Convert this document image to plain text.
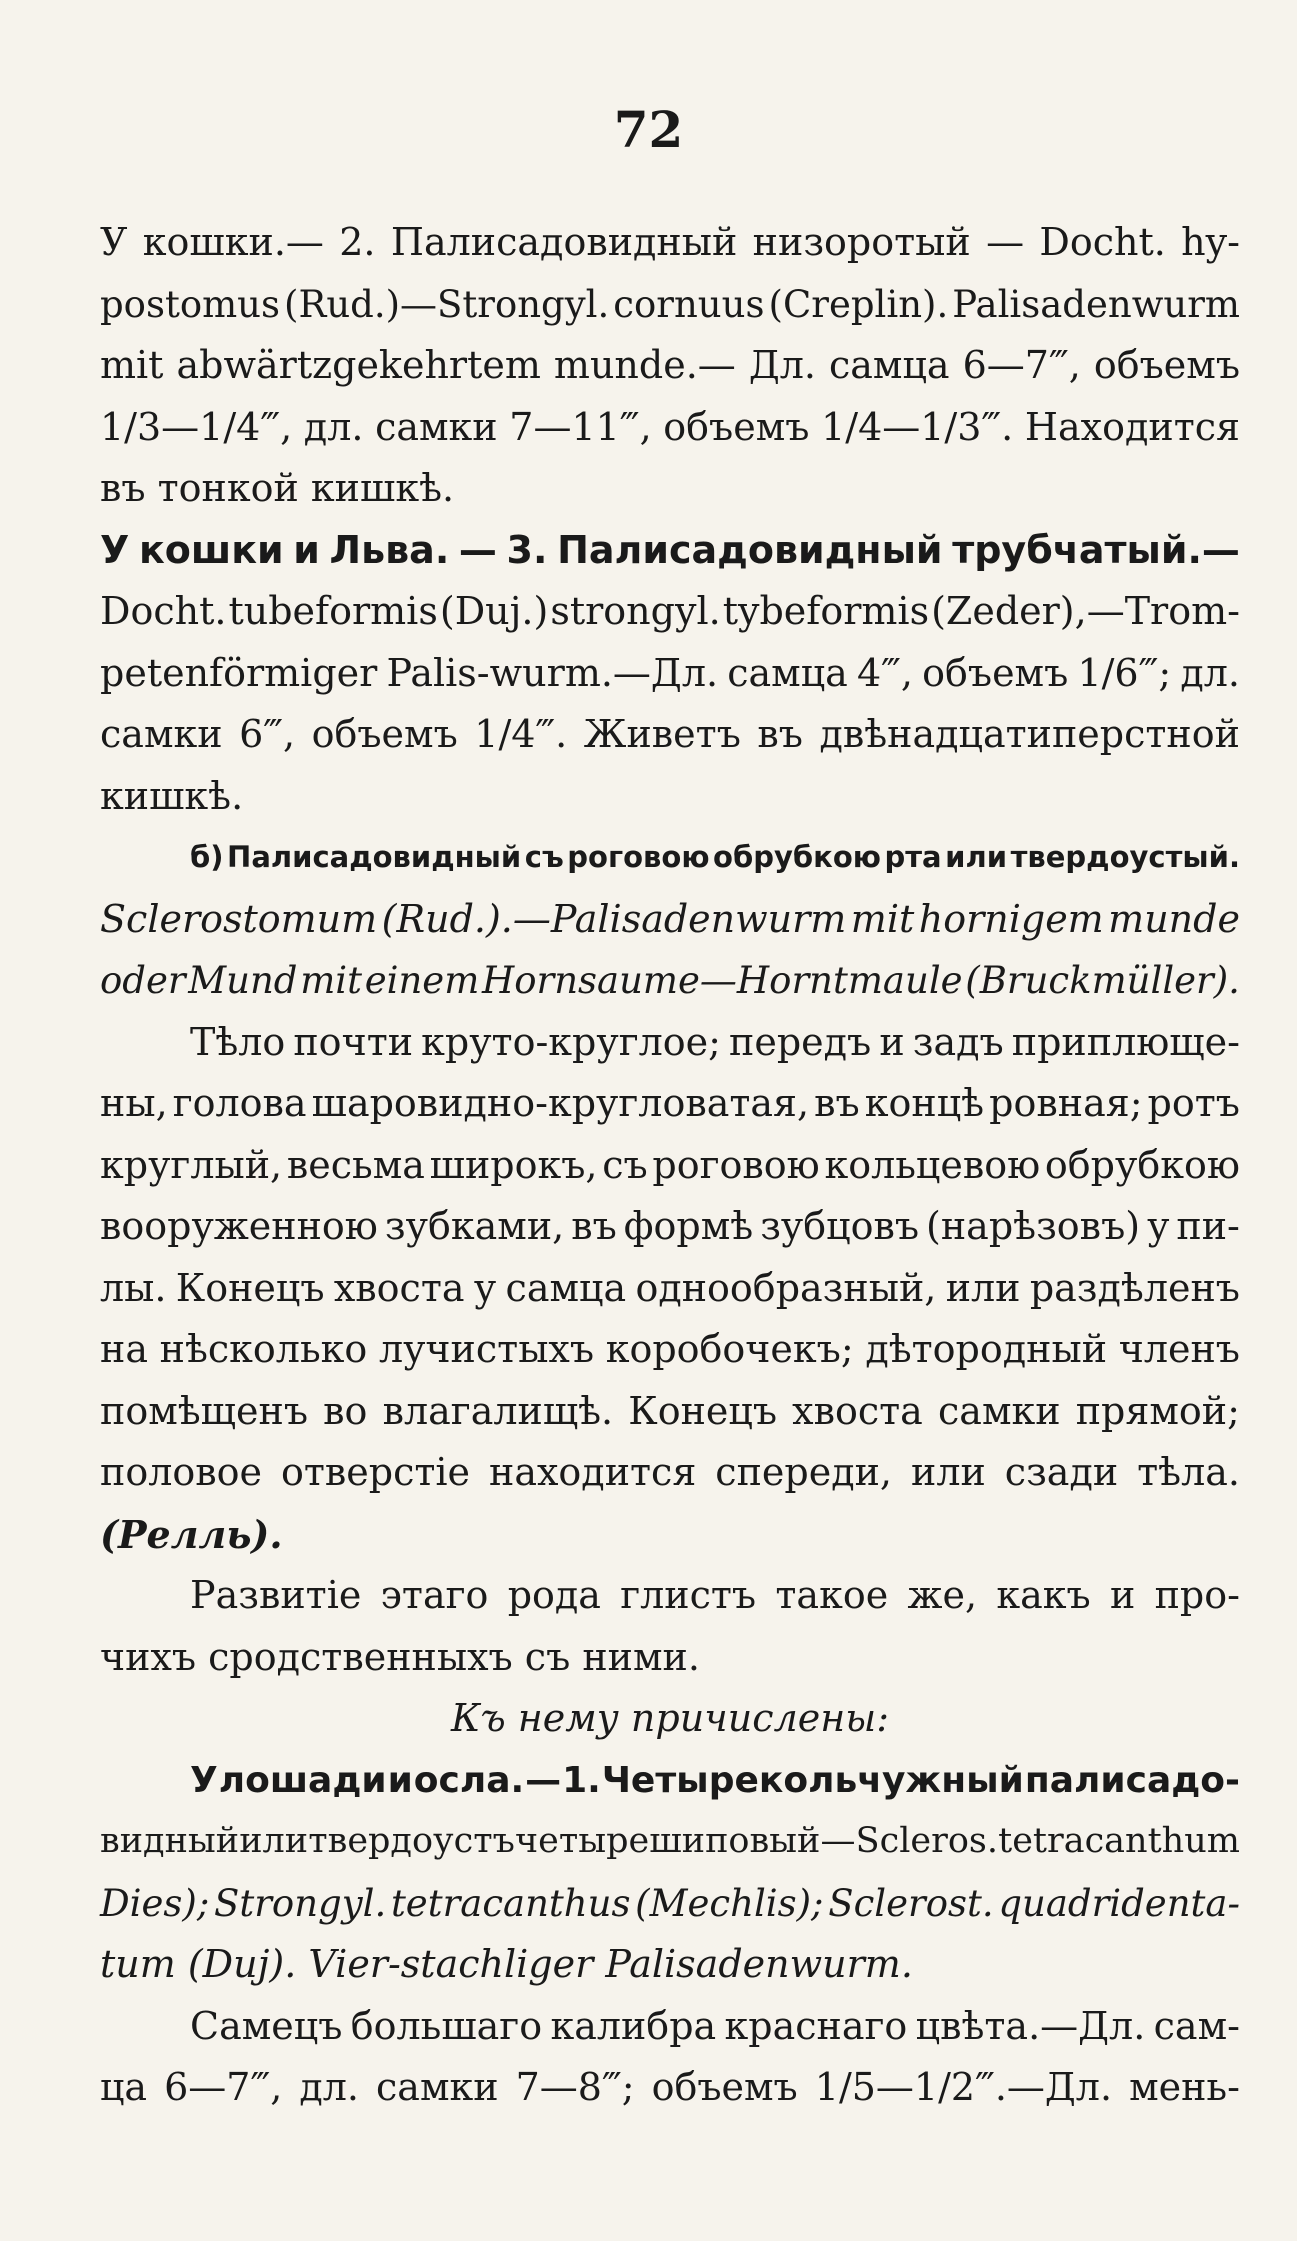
72
У кошки.— 2. Палисадовидный низоротый — Docht. hy-
postomus (Rud.)—Strongyl. cornuus (Creplin). Palisadenwurm
mit abwärtzgekehrtem munde.— Дл. самца 6—7‴, объемъ
1/3—1/4‴, дл. самки 7—11‴, объемъ 1/4—1/3‴. Находится
въ тонкой кишкѣ.
У кошки и Льва. — 3. Палисадовидный трубчатый.—
Docht. tubeformis (Duj.) strongyl. tybeformis (Zeder),—Trom-
petenförmiger Palis-wurm.—Дл. самца 4‴, объемъ 1/6‴; дл.
самки 6‴, объемъ 1/4‴. Живетъ въ двѣнадцатиперстной
кишкѣ.
б) Палисадовидный съ роговою обрубкою рта или твердоустый.
Sclerostomum (Rud.).—Palisadenwurm mit hornigem munde
oder Mund mit einem Hornsaume—Horntmaule (Bruckmüller).
Тѣло почти круто-круглое; передъ и задъ приплюще-
ны, голова шаровидно-кругловатая, въ концѣ ровная; ротъ
круглый, весьма широкъ, съ роговою кольцевою обрубкою
вооруженною зубками, въ формѣ зубцовъ (нарѣзовъ) у пи-
лы. Конецъ хвоста у самца однообразный, или раздѣленъ
на нѣсколько лучистыхъ коробочекъ; дѣтородный членъ
помѣщенъ во влагалищѣ. Конецъ хвоста самки прямой;
половое отверстіе находится спереди, или сзади тѣла.
(Релль).
Развитіе этаго рода глистъ такое же, какъ и про-
чихъ сродственныхъ съ ними.
Къ нему причислены:
У лошади и осла. — 1. Четырекольчужный палисадо-
видный или твердоустъ четырешиповый — Scleros. tetracanthum
Dies); Strongyl. tetracanthus (Mechlis); Sclerost. quadridenta-
tum (Duj). Vier-stachliger Palisadenwurm.
Самецъ большаго калибра краснаго цвѣта.—Дл. сам-
ца 6—7‴, дл. самки 7—8‴; объемъ 1/5—1/2‴.—Дл. мень-
